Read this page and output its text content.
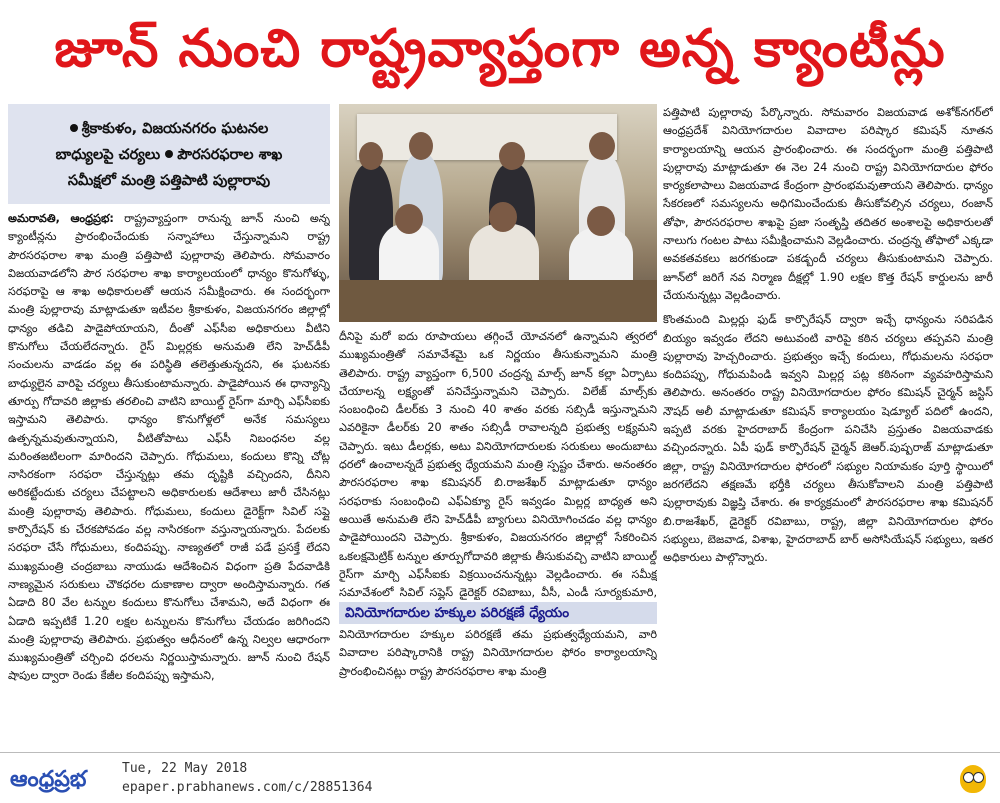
జూన్ నుంచి రాష్ట్రవ్యాప్తంగా అన్న క్యాంటీన్లు
శ్రీకాకుళం, విజయనగరం ఘటనల
బాధ్యులపై చర్యలు పౌరసరఫరాల శాఖ
సమీక్షలో మంత్రి పత్తిపాటి పుల్లారావు

అమరావతి, ఆంధ్రప్రభ: రాష్ట్రవ్యాప్తంగా రానున్న జూన్ నుంచి అన్న క్యాంటీన్లను ప్రారంభించేందుకు సన్నాహాలు చేస్తున్నామని రాష్ట్ర పౌరసరఫరాల శాఖ మంత్రి పత్తిపాటి పుల్లారావు తెలిపారు. సోమవారం విజయవాడలోని పౌర సరఫరాల శాఖ కార్యాలయంలో ధాన్యం కొనుగోళ్ళు, సరఫరాపై ఆ శాఖ అధికారులతో ఆయన సమీక్షించారు. ఈ సందర్భంగా మంత్రి పుల్లారావు మాట్లాడుతూ ఇటీవల శ్రీకాకుళం, విజయనగరం జిల్లాల్లో ధాన్యం తడిచి పాడైపోయాయని, దీంతో ఎఫ్‌సీఐ అధికారులు వీటిని కొనుగోలు చేయలేదన్నారు. రైస్ మిల్లర్లకు అనుమతి లేని హెచ్‌డీపీ సంచులను వాడడం వల్ల ఈ పరిస్థితి తలెత్తుతున్నదని, ఈ ఘటనకు బాధ్యులైన వారిపై చర్యలు తీసుకుంటామన్నారు. పాడైపోయిన ఈ ధాన్యాన్ని తూర్పు గోదావరి జిల్లాకు తరలించి వాటిని బాయిల్డ్ రైస్‌గా మార్చి ఎఫ్‌సీఐకు ఇస్తామని తెలిపారు. ధాన్యం కొనుగోళ్లలో అనేక సమస్యలు ఉత్పన్నమవుతున్నాయని, వీటితోపాటు ఎఫ్‌సీ నిబంధనల వల్ల మరింతజటిలంగా మారిందని చెప్పారు. గోధుమలు, కందులు కొన్ని చోట్ల నాసిరకంగా సరఫరా చేస్తున్నట్లు తమ దృష్టికి వచ్చిందని, దీనిని అరికట్టేందుకు చర్యలు చేపట్టాలని అధికారులకు ఆదేశాలు జారీ చేసినట్లు మంత్రి పుల్లారావు తెలిపారు. గోధుమలు, కందులు డైరెక్ట్‌గా సివిల్ సప్లై కార్పొరేషన్ కు చేరకపోవడం వల్ల నాసిరకంగా వస్తున్నాయన్నారు. పేదలకు సరఫరా చేసే గోధుమలు, కందిపప్పు. నాణ్యతలో రాజీ పడే ప్రసక్తే లేదని ముఖ్యమంత్రి చంద్రబాబు నాయుడు ఆదేశించిన విధంగా ప్రతి పేదవాడికి నాణ్యమైన సరుకులు చౌకధరల దుకాణాల ద్వారా అందిస్తామన్నారు. గత ఏడాది 80 వేల టన్నుల కందులు కొనుగోలు చేశామని, అదే విధంగా ఈ ఏడాది ఇప్పటికే 1.20 లక్షల టన్నులను కొనుగోలు చేయడం జరిగిందని మంత్రి పుల్లారావు తెలిపారు. ప్రభుత్వం ఆధీనంలో ఉన్న నిల్వల ఆధారంగా ముఖ్యమంత్రితో చర్చించి ధరలను నిర్ణయిస్తామన్నారు. జూన్ నుంచి రేషన్ షాపుల ద్వారా రెండు కేజీల కందిపప్పు ఇస్తామని,

దీనిపై మరో ఐదు రూపాయలు తగ్గించే యోచనలో ఉన్నామని త్వరలో ముఖ్యమంత్రితో సమావేశమై ఒక నిర్ణయం తీసుకున్నామని మంత్రి తెలిపారు. రాష్ట్ర వ్యాప్తంగా 6,500 చంద్రన్న మాల్స్ జూన్ కల్లా ఏర్పాటు చేయాలన్న లక్ష్యంతో పనిచేస్తున్నామని చెప్పారు. విలేజ్ మాల్స్‌కు సంబంధించి డీలర్‌కు 3 నుంచి 40 శాతం వరకు సబ్సిడీ ఇస్తున్నామని ఎవరికైనా డీలర్‌కు 20 శాతం సబ్సిడీ రావాలన్నది ప్రభుత్వ లక్ష్యమని చెప్పారు. ఇటు డీలర్లకు, అటు వినియోగదారులకు సరుకులు అందుబాటు ధరలో ఉంచాలన్నదే ప్రభుత్వ ధ్యేయమని మంత్రి స్పష్టం చేశారు. అనంతరం పౌరసరఫరాల శాఖ కమిషనర్ బి.రాజశేఖర్ మాట్లాడుతూ ధాన్యం సరఫరాకు సంబంధించి ఎఫ్‌ఏక్యూ రైస్ ఇవ్వడం మిల్లర్ల బాధ్యత అని అయితే అనుమతి లేని హెచ్‌డీపీ బ్యాగులు వినియోగించడం వల్ల ధాన్యం పాడైపోయిందని చెప్పారు. శ్రీకాకుళం, విజయనగరం జిల్లాల్లో సేకరించిన ఒకలక్షమెట్రిక్ టన్నుల తూర్పుగోదావరి జిల్లాకు తీసుకువచ్చి వాటిని బాయిల్డ్ రైస్‌గా మార్చి ఎఫ్‌సీఐకు విక్రయించనున్నట్లు వెల్లడించారు. ఈ సమీక్ష సమావేశంలో సివిల్ సప్లైస్ డైరెక్టర్ రవిబాబు, వీసీ, ఎండీ సూర్యకుమారి,

వినియోగదారుల హక్కుల పరిరక్షణే ధ్యేయం

వినియోగదారుల హక్కుల పరిరక్షణే తమ ప్రభుత్వధ్యేయమని, వారి వివాదాల పరిష్కారానికి రాష్ట్ర వినియోగదారుల ఫోరం కార్యాలయాన్ని ప్రారంభించినట్లు రాష్ట్ర పౌరసరఫరాల శాఖ మంత్రి

పత్తిపాటి పుల్లారావు పేర్కొన్నారు. సోమవారం విజయవాడ అశోక్‌నగర్‌లో ఆంధ్రప్రదేశ్ వినియోగదారుల వివాదాల పరిష్కార కమిషన్ నూతన కార్యాలయాన్ని ఆయన ప్రారంభించారు. ఈ సందర్భంగా మంత్రి పత్తిపాటి పుల్లారావు మాట్లాడుతూ ఈ నెల 24 నుంచి రాష్ట్ర వినియోగదారుల ఫోరం కార్యకలాపాలు విజయవాడ కేంద్రంగా ప్రారంభమవుతాయని తెలిపారు. ధాన్యం సేకరణలో సమస్యలను అధిగమించేందుకు తీసుకోవల్సిన చర్యలు, రంజాన్ తోఫా, పౌరసరఫరాల శాఖపై ప్రజా సంతృప్తి తదితర అంశాలపై అధికారులతో నాలుగు గంటల పాటు సమీక్షించామని వెల్లడించారు. చంద్రన్న తోఫాలో ఎక్కడా అవకతవకలు జరగకుండా పకడ్బందీ చర్యలు తీసుకుంటామని చెప్పారు. జూన్‌లో జరిగే నవ నిర్మాణ దీక్షల్లో 1.90 లక్షల కొత్త రేషన్ కార్డులను జారీ చేయనున్నట్లు వెల్లడించారు.

కొంతమంది మిల్లర్లు ఫుడ్ కార్పొరేషన్ ద్వారా ఇచ్చే ధాన్యంను సరిపడిన బియ్యం ఇవ్వడం లేదని అటువంటి వారిపై కఠిన చర్యలు తప్పవని మంత్రి పుల్లారావు హెచ్చరించారు. ప్రభుత్వం ఇచ్చే కందులు, గోధుమలను సరఫరా కందిపప్పు, గోధుమపిండి ఇవ్వని మిల్లర్ల పట్ల కఠినంగా వ్యవహరిస్తామని తెలిపారు. అనంతరం రాష్ట్ర వినియోగదారుల ఫోరం కమిషన్ చైర్మన్ జస్టిస్ నౌషద్ అలీ మాట్లాడుతూ కమిషన్ కార్యాలయం షెడ్యూల్ పదిలో ఉందని, ఇప్పటి వరకు హైదరాబాద్ కేంద్రంగా పనిచేసి ప్రస్తుతం విజయవాడకు వచ్చిందన్నారు. ఏపీ ఫుడ్ కార్పొరేషన్ చైర్మన్ జెఆర్.పుష్పరాజ్ మాట్లాడుతూ జిల్లా, రాష్ట్ర వినియోగదారుల ఫోరంలో సభ్యుల నియామకం పూర్తి స్థాయిలో జరగలేదని తక్షణమే భర్తీకి చర్యలు తీసుకోవాలని మంత్రి పత్తిపాటి పుల్లారావుకు విజ్ఞప్తి చేశారు. ఈ కార్యక్రమంలో పౌరసరఫరాల శాఖ కమిషనర్ బి.రాజశేఖర్, డైరెక్టర్ రవిబాబు, రాష్ట్ర, జిల్లా వినియోగదారుల ఫోరం సభ్యులు, బెజవాడ, విశాఖ, హైదరాబాద్ బార్ అసోసియేషన్ సభ్యులు, ఇతర అధికారులు పాల్గొన్నారు.

ఆంధ్రప్రభ	Tue, 22 May 2018
epaper.prabhanews.com/c/28851364
